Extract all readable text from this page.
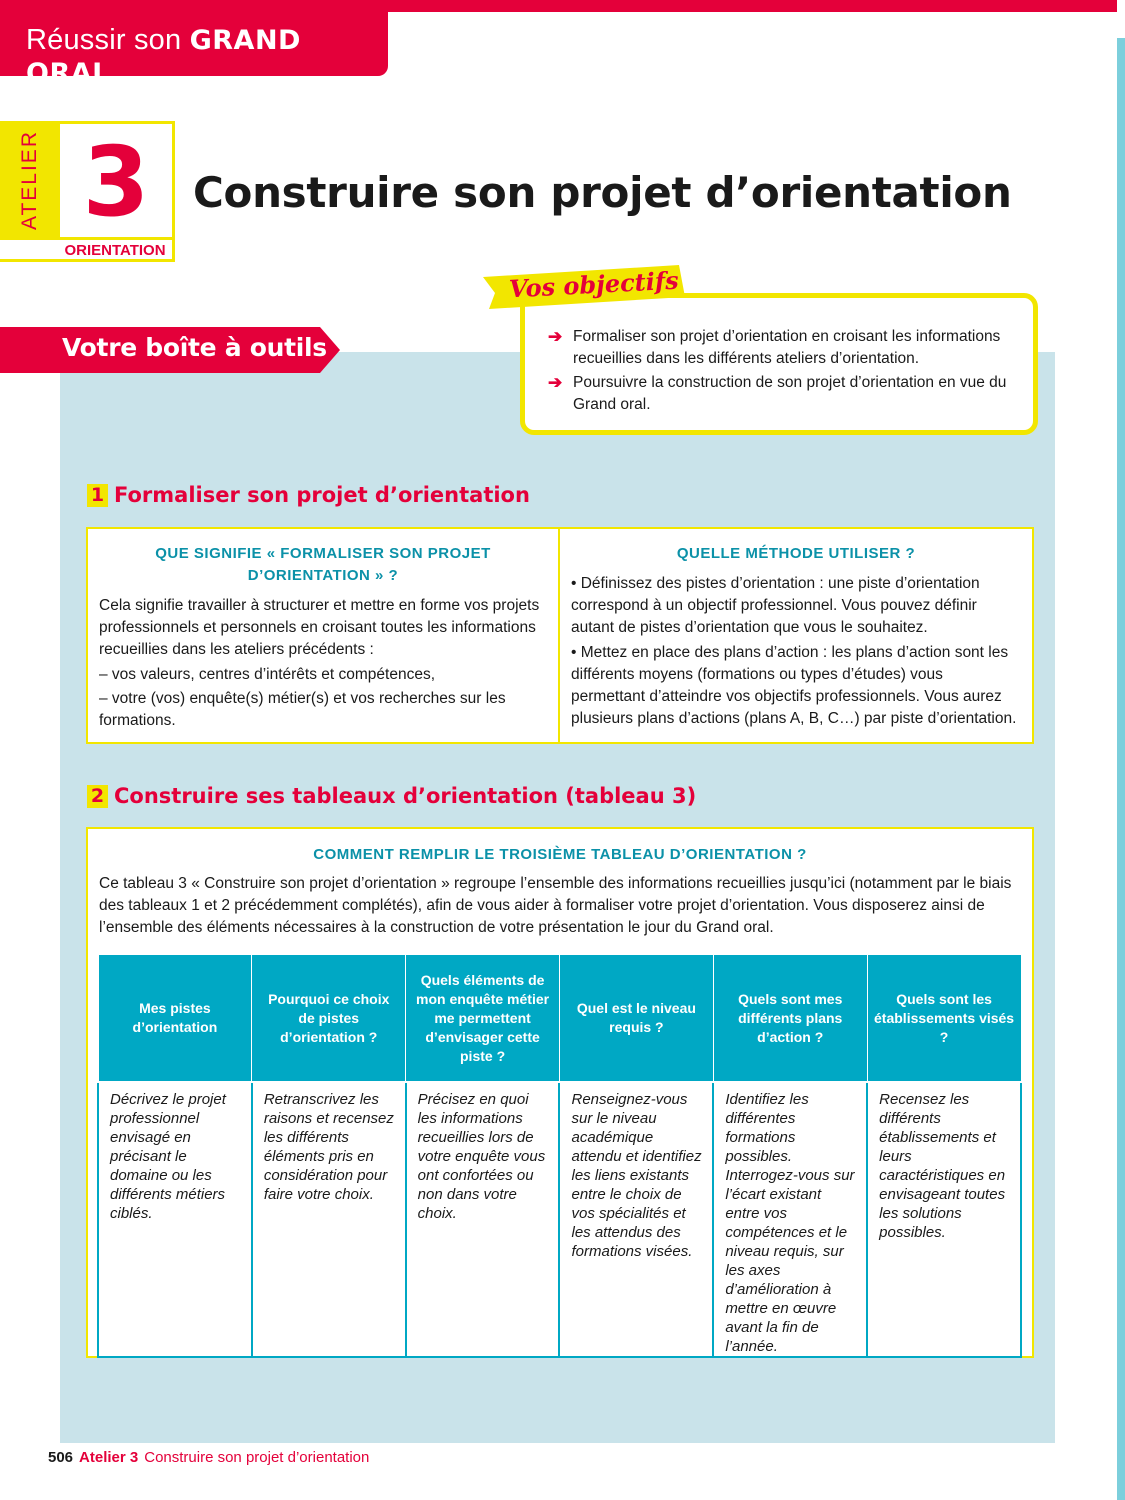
Réussir son GRAND ORAL
ATELIER 3
ORIENTATION
Construire son projet d’orientation
Votre boîte à outils	➔ Formaliser son projet d’orientation en croisant les informations recueillies dans les différents ateliers d’orientation.
➔ Poursuivre la construction de son projet d’orientation en vue du Grand oral.
Vos objectifs
1 Formaliser son projet d’orientation
QUE SIGNIFIE « FORMALISER SON PROJET D’ORIENTATION » ?

Cela signifie travailler à structurer et mettre en forme vos projets professionnels et personnels en croisant toutes les informations recueillies dans les ateliers précédents :

– vos valeurs, centres d’intérêts et compétences,

– votre (vos) enquête(s) métier(s) et vos recherches sur les formations.

QUELLE MÉTHODE UTILISER ?

• Définissez des pistes d’orientation : une piste d’orientation correspond à un objectif professionnel. Vous pouvez définir autant de pistes d’orientation que vous le souhaitez.

• Mettez en place des plans d’action : les plans d’action sont les différents moyens (formations ou types d’études) vous permettant d’atteindre vos objectifs professionnels. Vous aurez plusieurs plans d’actions (plans A, B, C…) par piste d’orientation.

2 Construire ses tableaux d’orientation (tableau 3)
COMMENT REMPLIR LE TROISIÈME TABLEAU D’ORIENTATION ?
Ce tableau 3 « Construire son projet d’orientation » regroupe l’ensemble des informations recueillies jusqu’ici (notamment par le biais des tableaux 1 et 2 précédemment complétés), afin de vous aider à formaliser votre projet d’orientation. Vous disposerez ainsi de l’ensemble des éléments nécessaires à la construction de votre présentation le jour du Grand oral.
Mes pistes d’orientation	Pourquoi ce choix de pistes d’orientation ?	Quels éléments de mon enquête métier me permettent d’envisager cette piste ?	Quel est le niveau requis ?	Quels sont mes différents plans d’action ?	Quels sont les établissements visés ?
Décrivez le projet professionnel envisagé en précisant le domaine ou les différents métiers ciblés.	Retranscrivez les raisons et recensez les différents éléments pris en considération pour faire votre choix.	Précisez en quoi les informations recueillies lors de votre enquête vous ont confortées ou non dans votre choix.	Renseignez-vous sur le niveau académique attendu et identifiez les liens existants entre le choix de vos spécialités et les attendus des formations visées.	Identifiez les différentes formations possibles. Interrogez-vous sur l’écart existant entre vos compétences et le niveau requis, sur les axes d’amélioration à mettre en œuvre avant la fin de l’année.	Recensez les différents établissements et leurs caractéristiques en envisageant toutes les solutions possibles.
506 Atelier 3 Construire son projet d’orientation
